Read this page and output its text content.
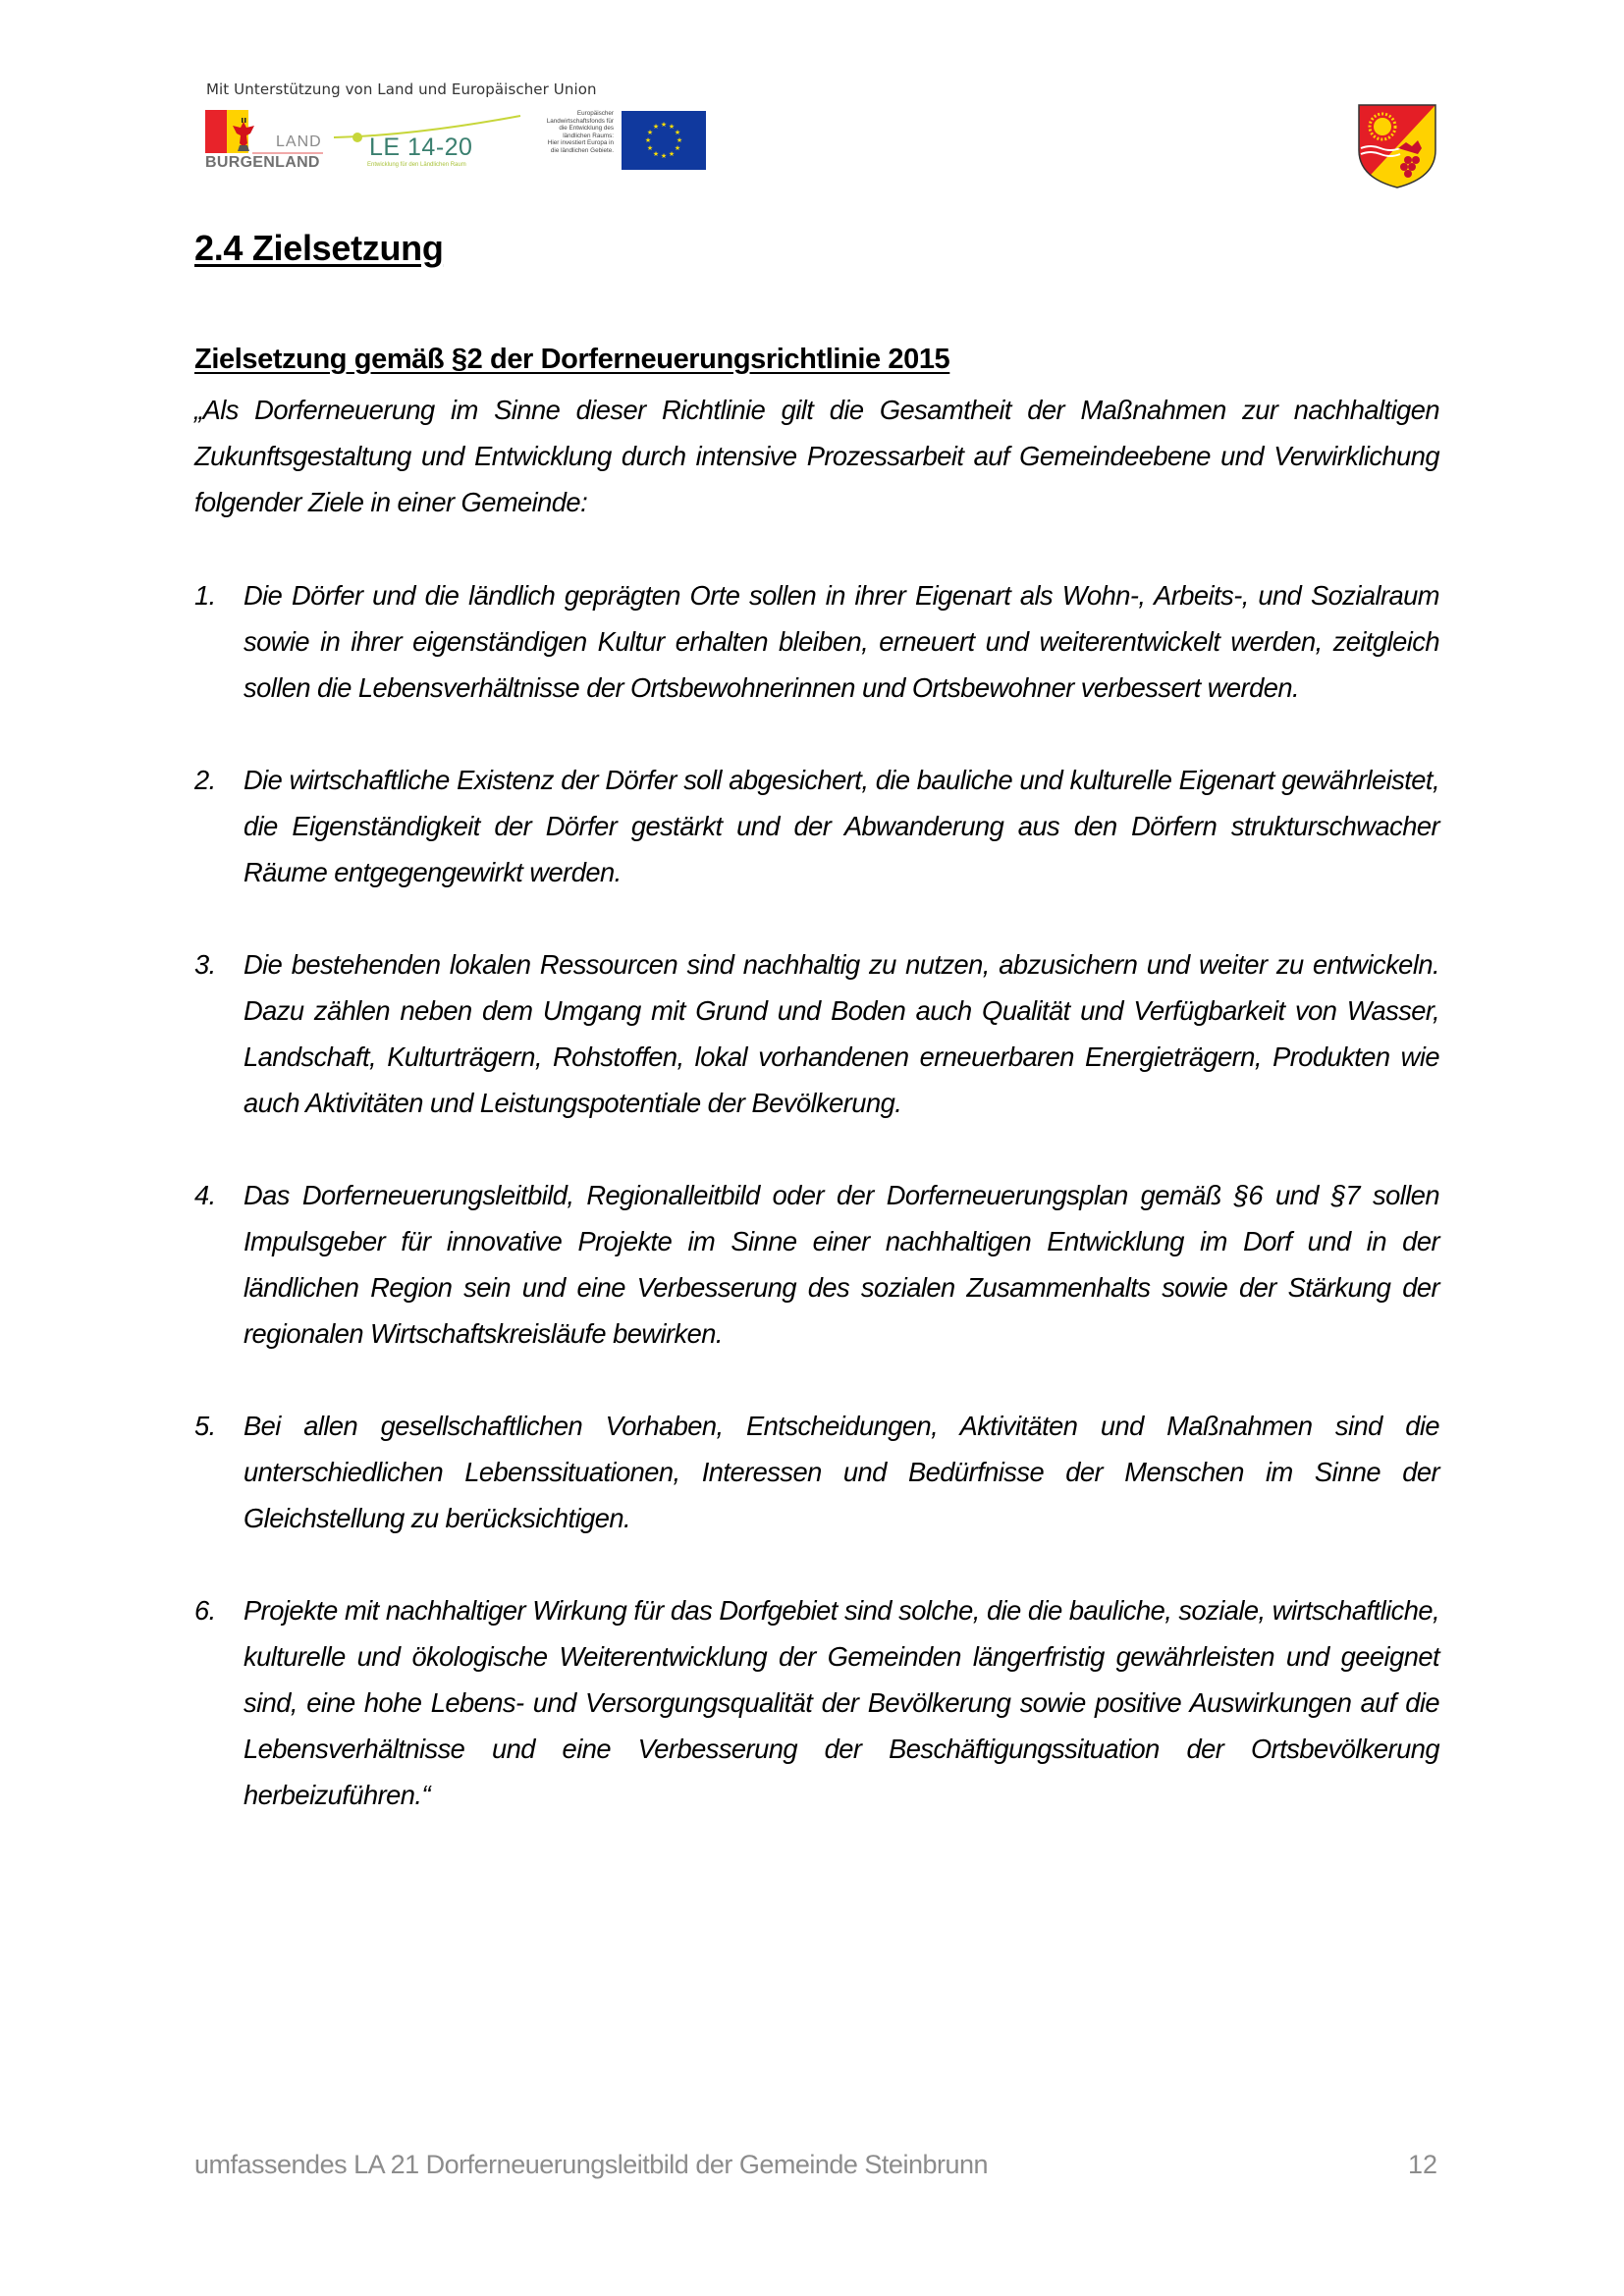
Mit Unterstützung von Land und Europäischer Union
LAND
BURGENLAND
LE 14-20
Entwicklung für den Ländlichen Raum
Europäischer
Landwirtschaftsfonds für
die Entwicklung des
ländlichen Raums:
Hier investiert Europa in
die ländlichen Gebiete.
★ ★
★
★
★
★
★
★
★
★
★
★
2.4 Zielsetzung
Zielsetzung gemäß §2 der Dorferneuerungsrichtlinie 2015

„Als Dorferneuerung im Sinne dieser Richtlinie gilt die Gesamtheit der Maßnahmen zur nachhaltigen Zukunftsgestaltung und Entwicklung durch intensive Prozessarbeit auf Gemeindeebene und Verwirklichung folgender Ziele in einer Gemeinde:

1. Die Dörfer und die ländlich geprägten Orte sollen in ihrer Eigenart als Wohn-, Arbeits-, und Sozialraum sowie in ihrer eigenständigen Kultur erhalten bleiben, erneuert und weiterentwickelt werden, zeitgleich sollen die Lebensverhältnisse der Ortsbewohnerinnen und Ortsbewohner verbessert werden.
2. Die wirtschaftliche Existenz der Dörfer soll abgesichert, die bauliche und kulturelle Eigenart gewährleistet, die Eigenständigkeit der Dörfer gestärkt und der Abwanderung aus den Dörfern strukturschwacher Räume entgegengewirkt werden.
3. Die bestehenden lokalen Ressourcen sind nachhaltig zu nutzen, abzusichern und weiter zu entwickeln. Dazu zählen neben dem Umgang mit Grund und Boden auch Qualität und Verfügbarkeit von Wasser, Landschaft, Kulturträgern, Rohstoffen, lokal vorhandenen erneuerbaren Energieträgern, Produkten wie auch Aktivitäten und Leistungspotentiale der Bevölkerung.
4. Das Dorferneuerungsleitbild, Regionalleitbild oder der Dorferneuerungsplan gemäß §6 und §7 sollen Impulsgeber für innovative Projekte im Sinne einer nachhaltigen Entwicklung im Dorf und in der ländlichen Region sein und eine Verbesserung des sozialen Zusammenhalts sowie der Stärkung der regionalen Wirtschaftskreisläufe bewirken.
5. Bei allen gesellschaftlichen Vorhaben, Entscheidungen, Aktivitäten und Maßnahmen sind die unterschiedlichen Lebenssituationen, Interessen und Bedürfnisse der Menschen im Sinne der Gleichstellung zu berücksichtigen.
6. Projekte mit nachhaltiger Wirkung für das Dorfgebiet sind solche, die die bauliche, soziale, wirtschaftliche, kulturelle und ökologische Weiterentwicklung der Gemeinden längerfristig gewährleisten und geeignet sind, eine hohe Lebens- und Versorgungsqualität der Bevölkerung sowie positive Auswirkungen auf die Lebensverhältnisse und eine Verbesserung der Beschäftigungssituation der Ortsbevölkerung herbeizuführen.“
umfassendes LA 21 Dorferneuerungsleitbild der Gemeinde Steinbrunn	12
